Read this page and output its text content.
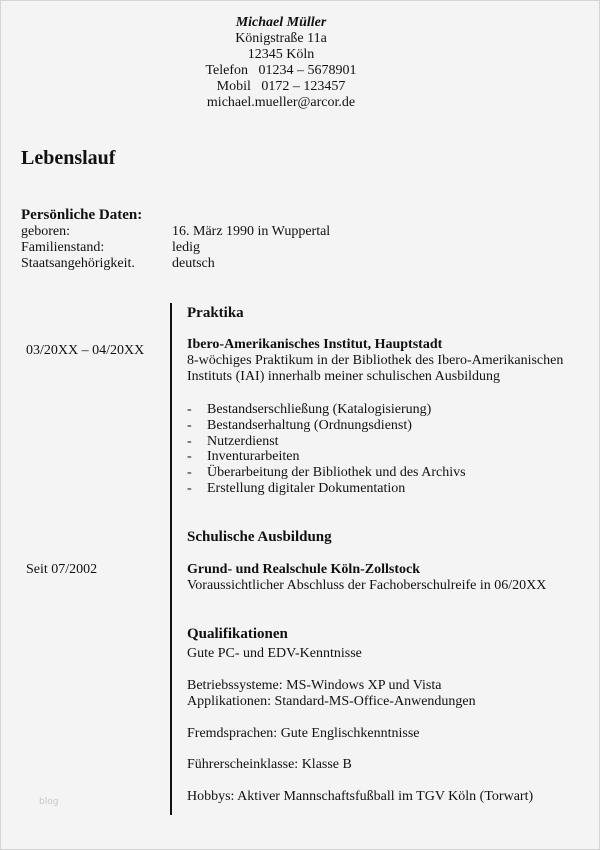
Michael Müller
Königstraße 11a
12345 Köln
Telefon   01234 – 5678901
Mobil   0172 – 123457
michael.mueller@arcor.de
Lebenslauf
Persönliche Daten:
geboren:	16. März 1990 in Wuppertal
Familienstand:	ledig
Staatsangehörigkeit.	deutsch
Praktika
03/20XX – 04/20XX	Ibero-Amerikanisches Institut, Hauptstadt
8-wöchiges Praktikum in der Bibliothek des Ibero-Amerikanischen
Instituts (IAI) innerhalb meiner schulischen Ausbildung
- Bestandserschließung (Katalogisierung)
- Bestandserhaltung (Ordnungsdienst)
- Nutzerdienst
- Inventurarbeiten
- Überarbeitung der Bibliothek und des Archivs
- Erstellung digitaler Dokumentation
Schulische Ausbildung
Seit 07/2002	Grund- und Realschule Köln-Zollstock
Voraussichtlicher Abschluss der Fachoberschulreife in 06/20XX
Qualifikationen
Gute PC- und EDV-Kenntnisse
Betriebssysteme: MS-Windows XP und Vista
Applikationen: Standard-MS-Office-Anwendungen
Fremdsprachen: Gute Englischkenntnisse
Führerscheinklasse: Klasse B
Hobbys: Aktiver Mannschaftsfußball im TGV Köln (Torwart)
blog
